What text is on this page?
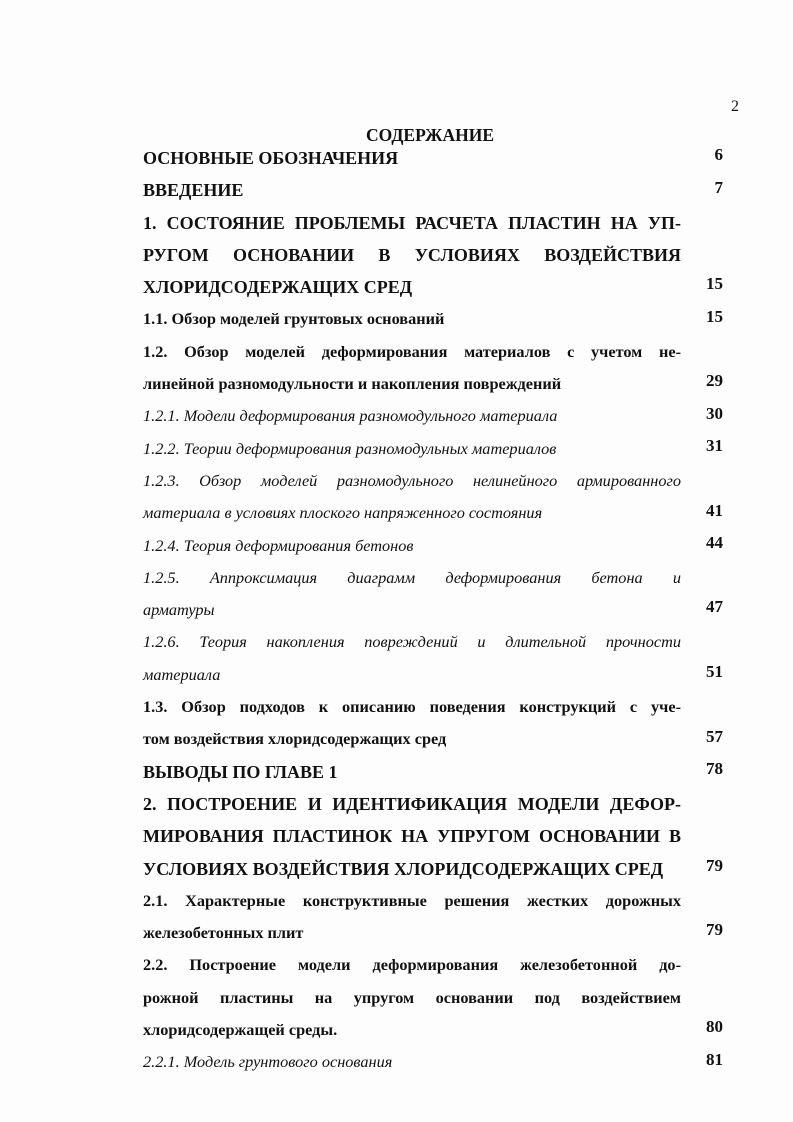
2
СОДЕРЖАНИЕ
ОСНОВНЫЕ ОБОЗНАЧЕНИЯ	6
ВВЕДЕНИЕ	7
1. СОСТОЯНИЕ ПРОБЛЕМЫ РАСЧЕТА ПЛАСТИН НА УП-
РУГОМ ОСНОВАНИИ В УСЛОВИЯХ ВОЗДЕЙСТВИЯ
ХЛОРИДСОДЕРЖАЩИХ СРЕД	15
1.1. Обзор моделей грунтовых оснований	15
1.2. Обзор моделей деформирования материалов с учетом не-
линейной разномодульности и накопления повреждений	29
1.2.1. Модели деформирования разномодульного материала	30
1.2.2. Теории деформирования разномодульных материалов	31
1.2.3. Обзор моделей разномодульного нелинейного армированного
материала в условиях плоского напряженного состояния	41
1.2.4. Теория деформирования бетонов	44
1.2.5. Аппроксимация диаграмм деформирования бетона и
арматуры	47
1.2.6. Теория накопления повреждений и длительной прочности
материала	51
1.3. Обзор подходов к описанию поведения конструкций с уче-
том воздействия хлоридсодержащих сред	57
ВЫВОДЫ ПО ГЛАВЕ 1	78
2. ПОСТРОЕНИЕ И ИДЕНТИФИКАЦИЯ МОДЕЛИ ДЕФОР-
МИРОВАНИЯ ПЛАСТИНОК НА УПРУГОМ ОСНОВАНИИ В
УСЛОВИЯХ ВОЗДЕЙСТВИЯ ХЛОРИДСОДЕРЖАЩИХ СРЕД	79
2.1. Характерные конструктивные решения жестких дорожных
железобетонных плит	79
2.2. Построение модели деформирования железобетонной до-
рожной пластины на упругом основании под воздействием
хлоридсодержащей среды.	80
2.2.1. Модель грунтового основания	81
